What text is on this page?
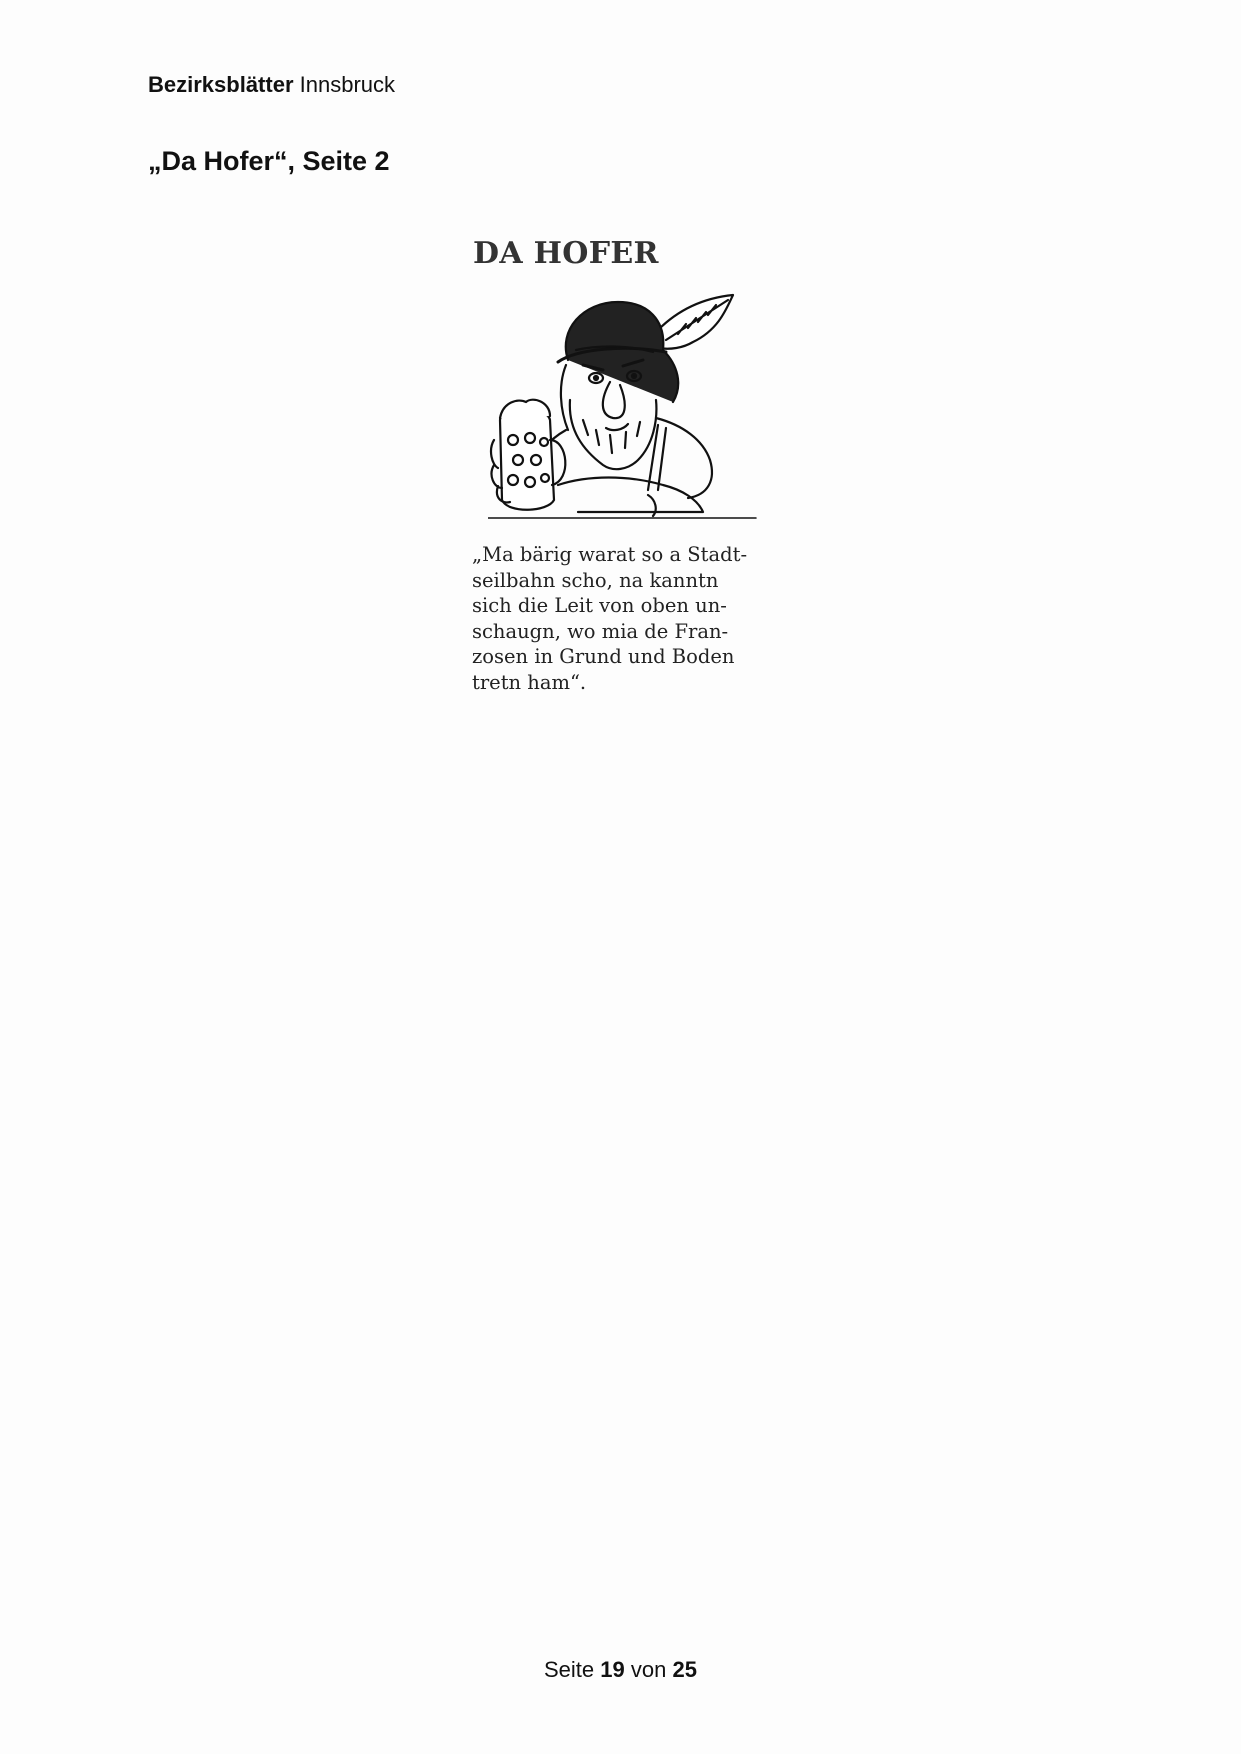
Bezirksblätter Innsbruck
„Da Hofer“, Seite 2
DA HOFER
„Ma bärig warat so a Stadt-
seilbahn scho, na kanntn
sich die Leit von oben un-
schaugn, wo mia de Fran-
zosen in Grund und Boden
tretn ham“.
Seite 19 von 25
